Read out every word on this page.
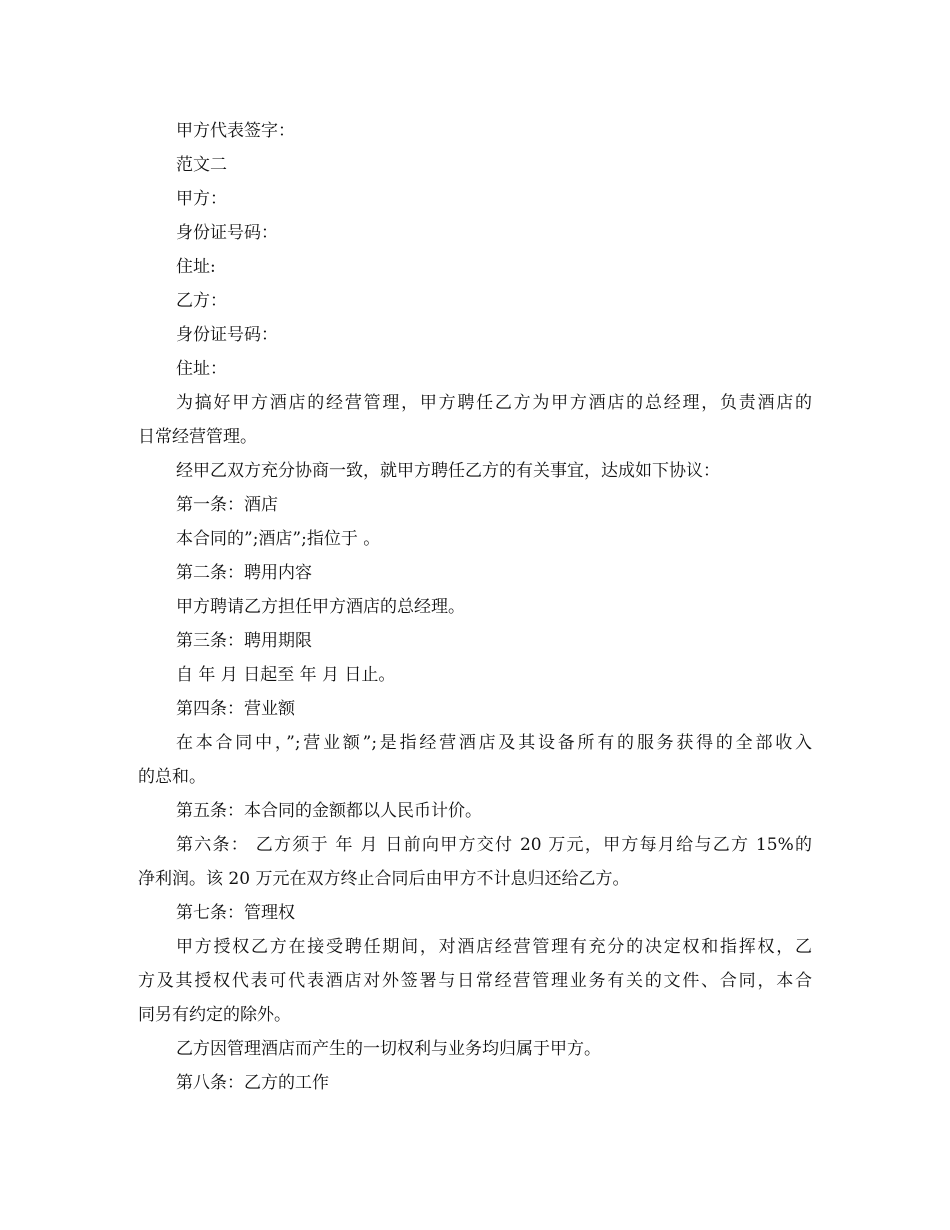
甲方代表签字：
范文二
甲方：
身份证号码：
住址:
乙方：
身份证号码：
住址：
为搞好甲方酒店的经营管理，甲方聘任乙方为甲方酒店的总经理，负责酒店的
日常经营管理。
经甲乙双方充分协商一致，就甲方聘任乙方的有关事宜，达成如下协议：
第一条：酒店
本合同的”;酒店”;指位于 。
第二条：聘用内容
甲方聘请乙方担任甲方酒店的总经理。
第三条：聘用期限
自 年 月 日起至 年 月 日止。
第四条：营业额
在本合同中，”;营业额”;是指经营酒店及其设备所有的服务获得的全部收入
的总和。
第五条：本合同的金额都以人民币计价。
第六条： 乙方须于 年 月 日前向甲方交付 20 万元，甲方每月给与乙方 15%的
净利润。该 20 万元在双方终止合同后由甲方不计息归还给乙方。
第七条：管理权
甲方授权乙方在接受聘任期间，对酒店经营管理有充分的决定权和指挥权，乙
方及其授权代表可代表酒店对外签署与日常经营管理业务有关的文件、合同，本合
同另有约定的除外。
乙方因管理酒店而产生的一切权利与业务均归属于甲方。
第八条：乙方的工作
